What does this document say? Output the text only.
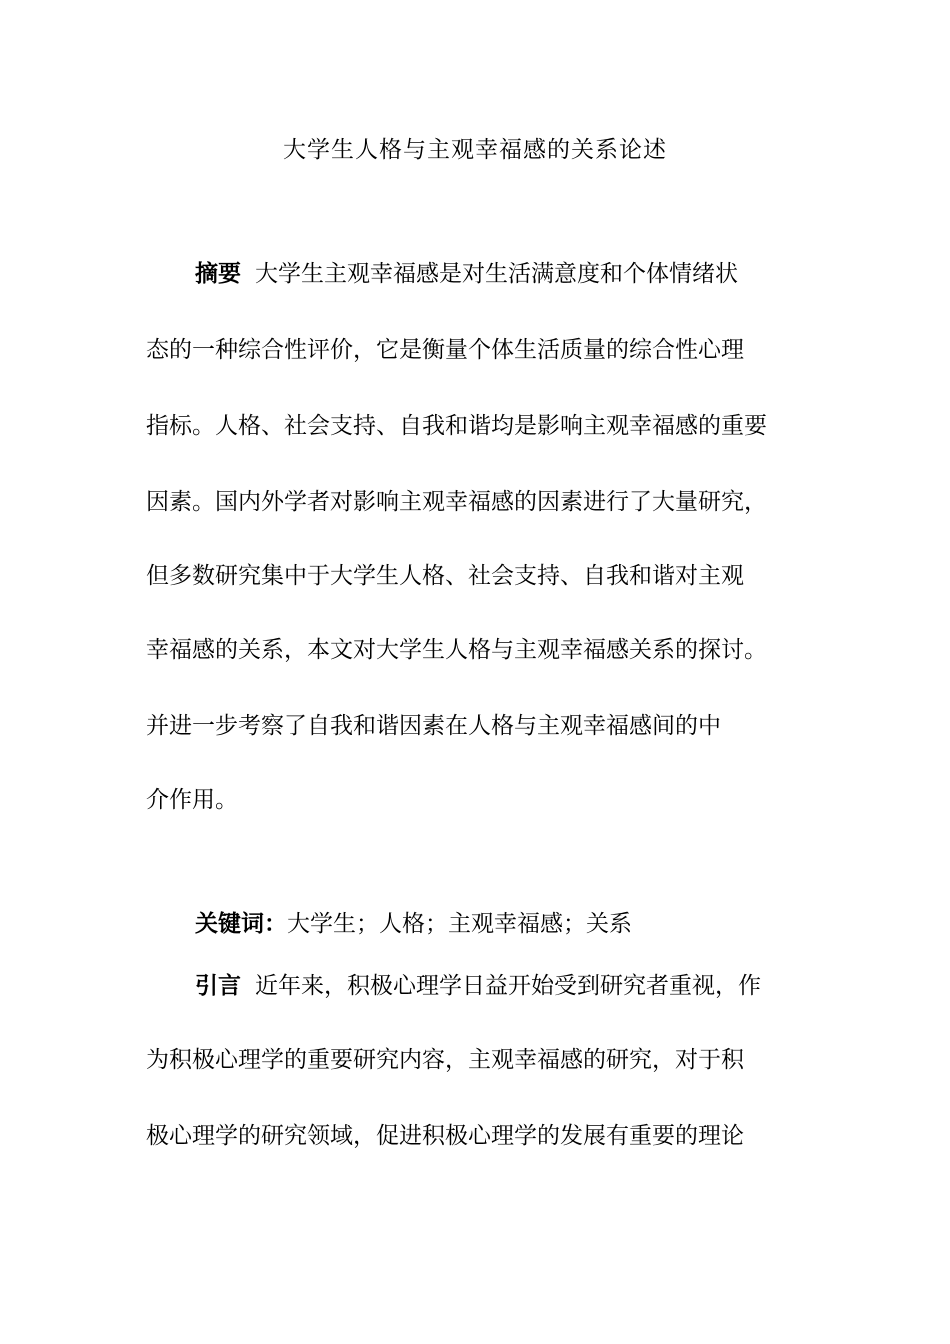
大学生人格与主观幸福感的关系论述
摘要 大学生主观幸福感是对生活满意度和个体情绪状
态的一种综合性评价，它是衡量个体生活质量的综合性心理
指标。人格、社会支持、自我和谐均是影响主观幸福感的重要
因素。国内外学者对影响主观幸福感的因素进行了大量研究，
但多数研究集中于大学生人格、社会支持、自我和谐对主观
幸福感的关系，本文对大学生人格与主观幸福感关系的探讨。
并进一步考察了自我和谐因素在人格与主观幸福感间的中
介作用。
关键词：大学生；人格；主观幸福感；关系
引言 近年来，积极心理学日益开始受到研究者重视，作
为积极心理学的重要研究内容，主观幸福感的研究，对于积
极心理学的研究领域，促进积极心理学的发展有重要的理论
